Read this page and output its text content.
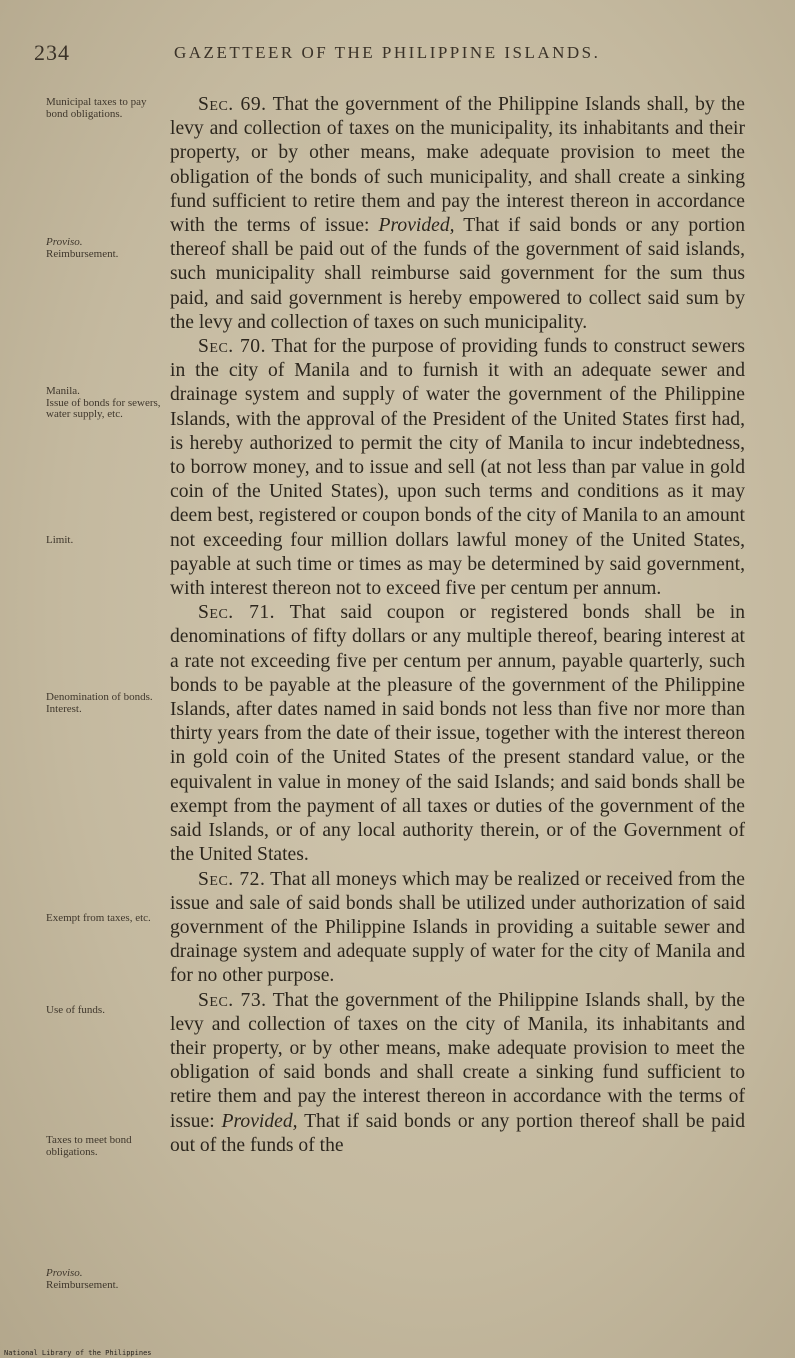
234	GAZETTEER OF THE PHILIPPINE ISLANDS.
Municipal taxes to pay bond obligations.
Proviso.
Reimbursement.
Manila.
Issue of bonds for sewers, water supply, etc.
Limit.
Denomination of bonds.
Interest.
Exempt from taxes, etc.
Use of funds.
Taxes to meet bond obligations.
Proviso.
Reimbursement.

Sec. 69. That the government of the Philippine Islands shall, by the levy and collection of taxes on the municipality, its inhabitants and their property, or by other means, make adequate provision to meet the obligation of the bonds of such municipality, and shall create a sinking fund sufficient to retire them and pay the interest thereon in accordance with the terms of issue: Provided, That if said bonds or any portion thereof shall be paid out of the funds of the government of said islands, such municipality shall reimburse said government for the sum thus paid, and said government is hereby empowered to collect said sum by the levy and collection of taxes on such municipality.

Sec. 70. That for the purpose of providing funds to construct sewers in the city of Manila and to furnish it with an adequate sewer and drainage system and supply of water the government of the Philippine Islands, with the approval of the President of the United States first had, is hereby authorized to permit the city of Manila to incur indebtedness, to borrow money, and to issue and sell (at not less than par value in gold coin of the United States), upon such terms and conditions as it may deem best, registered or coupon bonds of the city of Manila to an amount not exceeding four million dollars lawful money of the United States, payable at such time or times as may be determined by said government, with interest thereon not to exceed five per centum per annum.

Sec. 71. That said coupon or registered bonds shall be in denominations of fifty dollars or any multiple thereof, bearing interest at a rate not exceeding five per centum per annum, payable quarterly, such bonds to be payable at the pleasure of the government of the Philippine Islands, after dates named in said bonds not less than five nor more than thirty years from the date of their issue, together with the interest thereon in gold coin of the United States of the present standard value, or the equivalent in value in money of the said Islands; and said bonds shall be exempt from the payment of all taxes or duties of the government of the said Islands, or of any local authority therein, or of the Government of the United States.

Sec. 72. That all moneys which may be realized or received from the issue and sale of said bonds shall be utilized under authorization of said government of the Philippine Islands in providing a suitable sewer and drainage system and adequate supply of water for the city of Manila and for no other purpose.

Sec. 73. That the government of the Philippine Islands shall, by the levy and collection of taxes on the city of Manila, its inhabitants and their property, or by other means, make adequate provision to meet the obligation of said bonds and shall create a sinking fund sufficient to retire them and pay the interest thereon in accordance with the terms of issue: Provided, That if said bonds or any portion thereof shall be paid out of the funds of the

National Library of the Philippines
